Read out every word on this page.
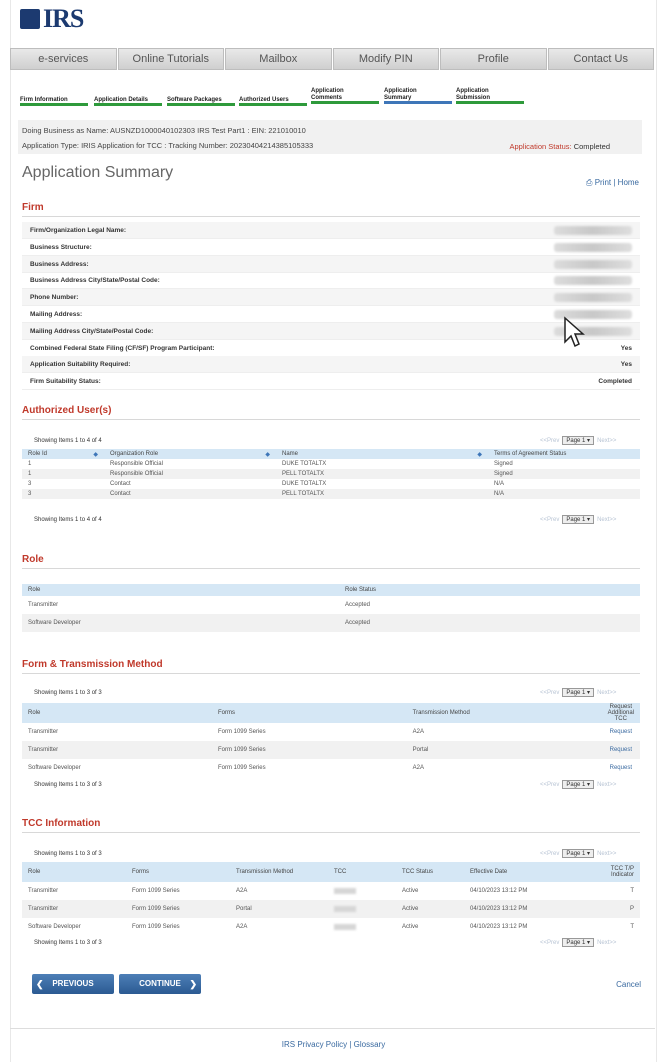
IRS
e-services	Online Tutorials	Mailbox	Modify PIN	Profile	Contact Us
Firm Information	Application Details	Software Packages	Authorized Users
Application Comments
Application Summary
Application Submission
Doing Business as Name: AUSNZD1000040102303 IRS Test Part1 : EIN: 221010010
Application Type: IRIS Application for TCC : Tracking Number: 20230404214385105333	Application Status: Completed
Application Summary
⎙ Print | Home
Firm
Firm/Organization Legal Name:
Business Structure:
Business Address:
Business Address City/State/Postal Code:
Phone Number:
Mailing Address:
Mailing Address City/State/Postal Code:
Combined Federal State Filing (CF/SF) Program Participant:	Yes
Application Suitability Required:	Yes
Firm Suitability Status:	Completed
Authorized User(s)
Showing Items 1 to 4 of 4	<<Prev	Page 1 ▾	Next>>
Role Id ◆	Organization Role ◆	Name ◆	Terms of Agreement Status
1	Responsible Official	DUKE TOTALTX	Signed
1	Responsible Official	PELL TOTALTX	Signed
3	Contact	DUKE TOTALTX	N/A
3	Contact	PELL TOTALTX	N/A
Showing Items 1 to 4 of 4	<<Prev	Page 1 ▾	Next>>
Role
Role	Role Status
Transmitter	Accepted
Software Developer	Accepted
Form & Transmission Method
Showing Items 1 to 3 of 3	<<Prev	Page 1 ▾	Next>>
Role	Forms	Transmission Method	Request Additional TCC
Transmitter	Form 1099 Series	A2A	Request
Transmitter	Form 1099 Series	Portal	Request
Software Developer	Form 1099 Series	A2A	Request
Showing Items 1 to 3 of 3	<<Prev	Page 1 ▾	Next>>
TCC Information
Showing Items 1 to 3 of 3	<<Prev	Page 1 ▾	Next>>
Role	Forms	Transmission Method	TCC	TCC Status	Effective Date	TCC T/P Indicator
Transmitter	Form 1099 Series	A2A		Active	04/10/2023 13:12 PM	T
Transmitter	Form 1099 Series	Portal		Active	04/10/2023 13:12 PM	P
Software Developer	Form 1099 Series	A2A		Active	04/10/2023 13:12 PM	T
Showing Items 1 to 3 of 3	<<Prev	Page 1 ▾	Next>>
❮ PREVIOUS	CONTINUE ❯	Cancel
IRS Privacy Policy | Glossary
